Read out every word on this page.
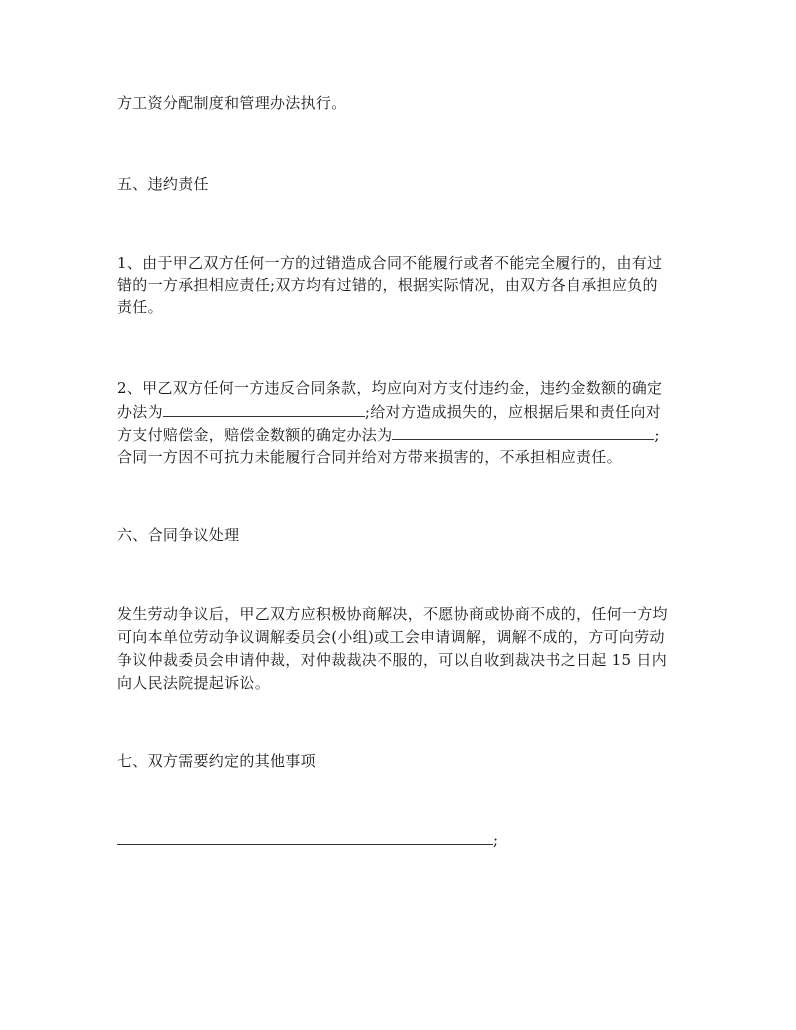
方工资分配制度和管理办法执行。
五、违约责任
1、由于甲乙双方任何一方的过错造成合同不能履行或者不能完全履行的，由有过
错的一方承担相应责任;双方均有过错的，根据实际情况，由双方各自承担应负的
责任。
2、甲乙双方任何一方违反合同条款，均应向对方支付违约金，违约金数额的确定
办法为	;给对方造成损失的，应根据后果和责任向对
方支付赔偿金，赔偿金数额的确定办法为	;
合同一方因不可抗力未能履行合同并给对方带来损害的，不承担相应责任。
六、合同争议处理
发生劳动争议后，甲乙双方应积极协商解决，不愿协商或协商不成的，任何一方均
可向本单位劳动争议调解委员会(小组)或工会申请调解，调解不成的，方可向劳动
争议仲裁委员会申请仲裁，对仲裁裁决不服的，可以自收到裁决书之日起 15 日内
向人民法院提起诉讼。
七、双方需要约定的其他事项
;
